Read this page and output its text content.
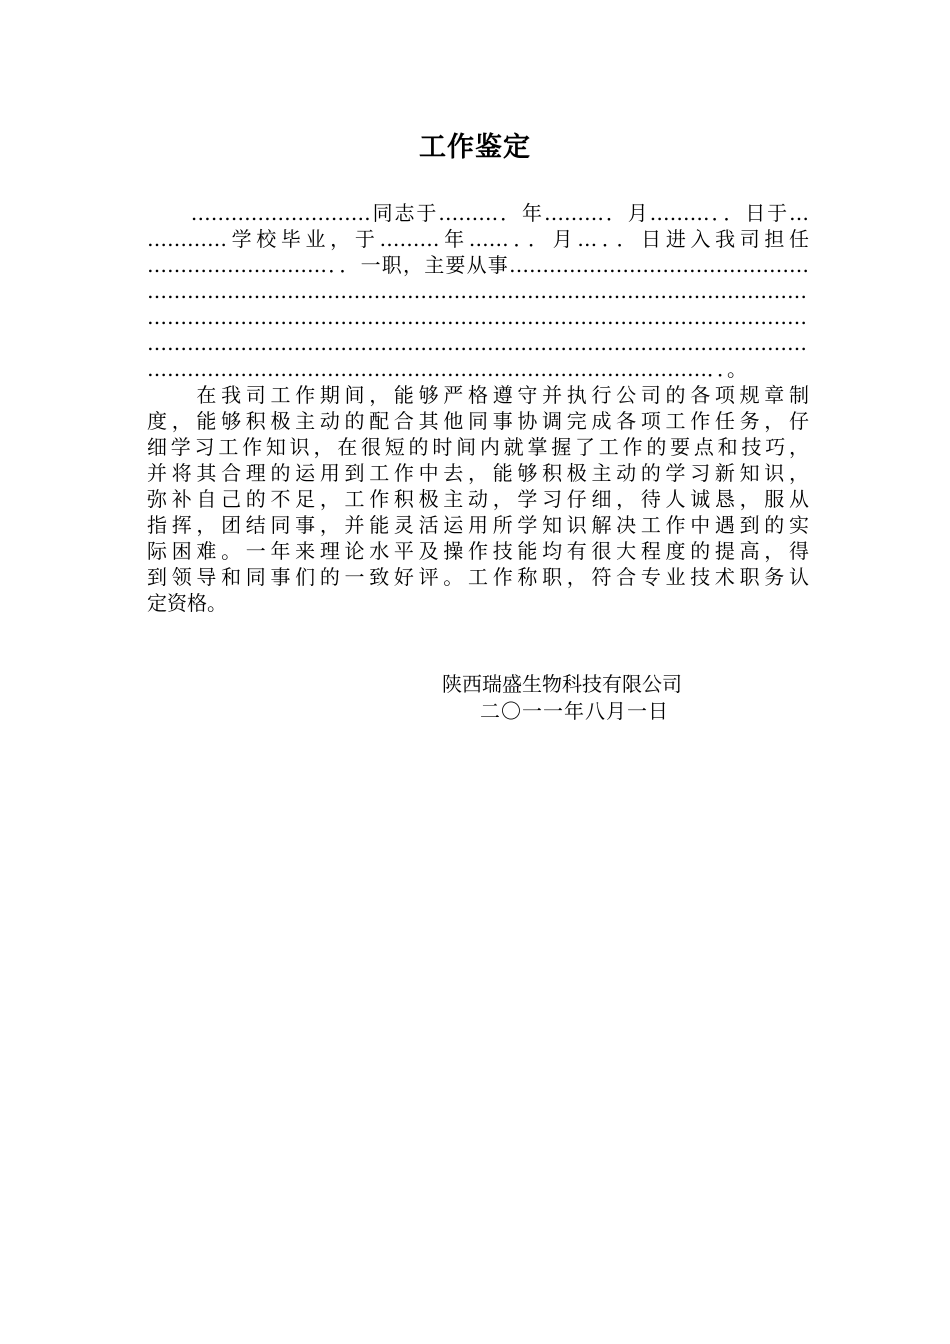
工作鉴定
　　………………………同志于………．年………．月………．．日于…
…………学校毕业，于………年……．．月…．．日进入我司担任
………………………．．一职，主要从事………………………………………
………………………………………………………………………………………
………………………………………………………………………………………
………………………………………………………………………………………
…………………………………………………………………………．．。
　　在我司工作期间，能够严格遵守并执行公司的各项规章制
度，能够积极主动的配合其他同事协调完成各项工作任务，仔
细学习工作知识，在很短的时间内就掌握了工作的要点和技巧，
并将其合理的运用到工作中去，能够积极主动的学习新知识，
弥补自己的不足，工作积极主动，学习仔细，待人诚恳，服从
指挥，团结同事，并能灵活运用所学知识解决工作中遇到的实
际困难。一年来理论水平及操作技能均有很大程度的提高，得
到领导和同事们的一致好评。工作称职，符合专业技术职务认
定资格。
陕西瑞盛生物科技有限公司
二〇一一年八月一日
